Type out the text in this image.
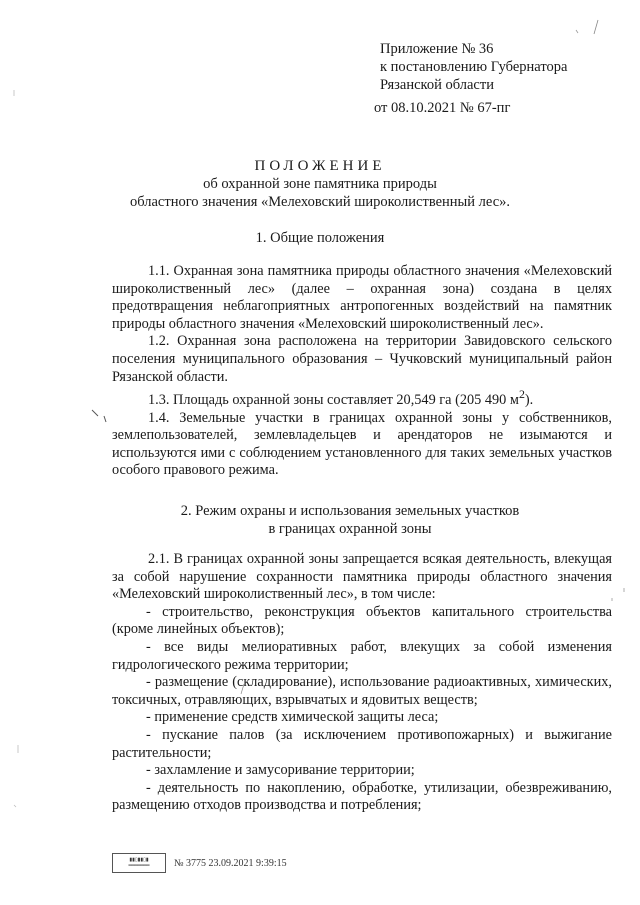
Приложение № 36
к постановлению Губернатора
Рязанской области
от 08.10.2021 № 67-пг
ПОЛОЖЕНИЕ
об охранной зоне памятника природы
областного значения «Мелеховский широколиственный лес».
1. Общие положения

1.1. Охранная зона памятника природы областного значения «Мелеховский широколиственный лес» (далее – охранная зона) создана в целях предотвращения неблагоприятных антропогенных воздействий на памятник природы областного значения «Мелеховский широколиственный лес».

1.2. Охранная зона расположена на территории Завидовского сельского поселения муниципального образования – Чучковский муниципальный район Рязанской области.

1.3. Площадь охранной зоны составляет 20,549 га (205 490 $м^2$).

1.4. Земельные участки в границах охранной зоны у собственников, землепользователей, землевладельцев и арендаторов не изымаются и используются ими с соблюдением установленного для таких земельных участков особого правового режима.

2. Режим охраны и использования земельных участков
в границах охранной зоны

2.1. В границах охранной зоны запрещается всякая деятельность, влекущая за собой нарушение сохранности памятника природы областного значения «Мелеховский широколиственный лес», в том числе:

- строительство, реконструкция объектов капитального строительства (кроме линейных объектов);

- все виды мелиоративных работ, влекущих за собой изменения гидрологического режима территории;

- размещение (складирование), использование радиоактивных, химических, токсичных, отравляющих, взрывчатых и ядовитых веществ;

- применение средств химической защиты леса;

- пускание палов (за исключением противопожарных) и выжигание растительности;

- захламление и замусоривание территории;

- деятельность по накоплению, обработке, утилизации, обезвреживанию, размещению отходов производства и потребления;

▮▮▯▮▮▯▮
═══════ № 3775 23.09.2021 9:39:15
